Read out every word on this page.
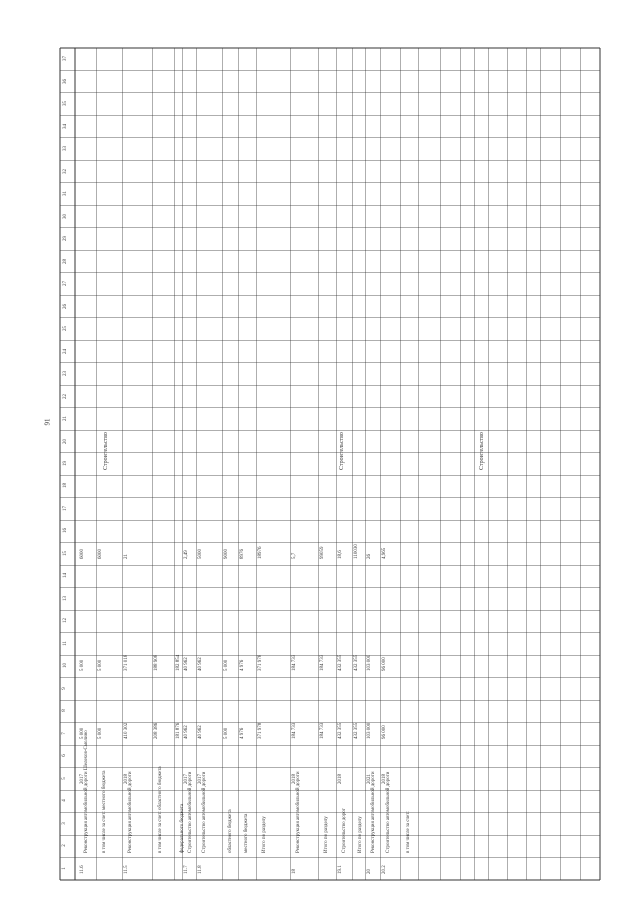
91
1
2
3
4
5
6
7
8
9
10
11
12
13
14
15
16
17
18
19
20
21
22
23
24
25
26
27
28
29
30
31
32
33
34
35
36
37
11.6
Реконструкция автомобильной дороги Шелехов-Смолино
2017
5 000
5 000
6000
в том числе за счет: местного бюджета
5 000
5 000
6000
11.5
Реконструкция автомобильной дороги
2018
410 302
371 018
21
в том числе за счет: областного бюджета
208 386
188 908
федерального бюджета
181 876
182 854
11.7
Строительство автомобильной дороги
2017
40 962
40 962
2,49
11.8
Строительство автомобильной дороги
2017
40 962
40 962
5000
областного бюджета
5 000
5 000
9000
местного бюджета
4 976
4 976
8976
Итого по разделу
371 978
371 978
18976
18
Реконструкция автомобильной дороги
2018
184 733
184 733
5,7
Итого по разделу
184 733
184 733
99059
19.1
Строительство дорог
2018
432 355
432 355
18,6
Итого по разделу
432 355
432 355
110030
20
Реконструкция автомобильной дороги
2021
103 000
103 000
26
20.2
Строительство автомобильной дороги
2018
96 000
96 000
4,965
в том числе за счет:
Строительство	Строительство	Строительство
